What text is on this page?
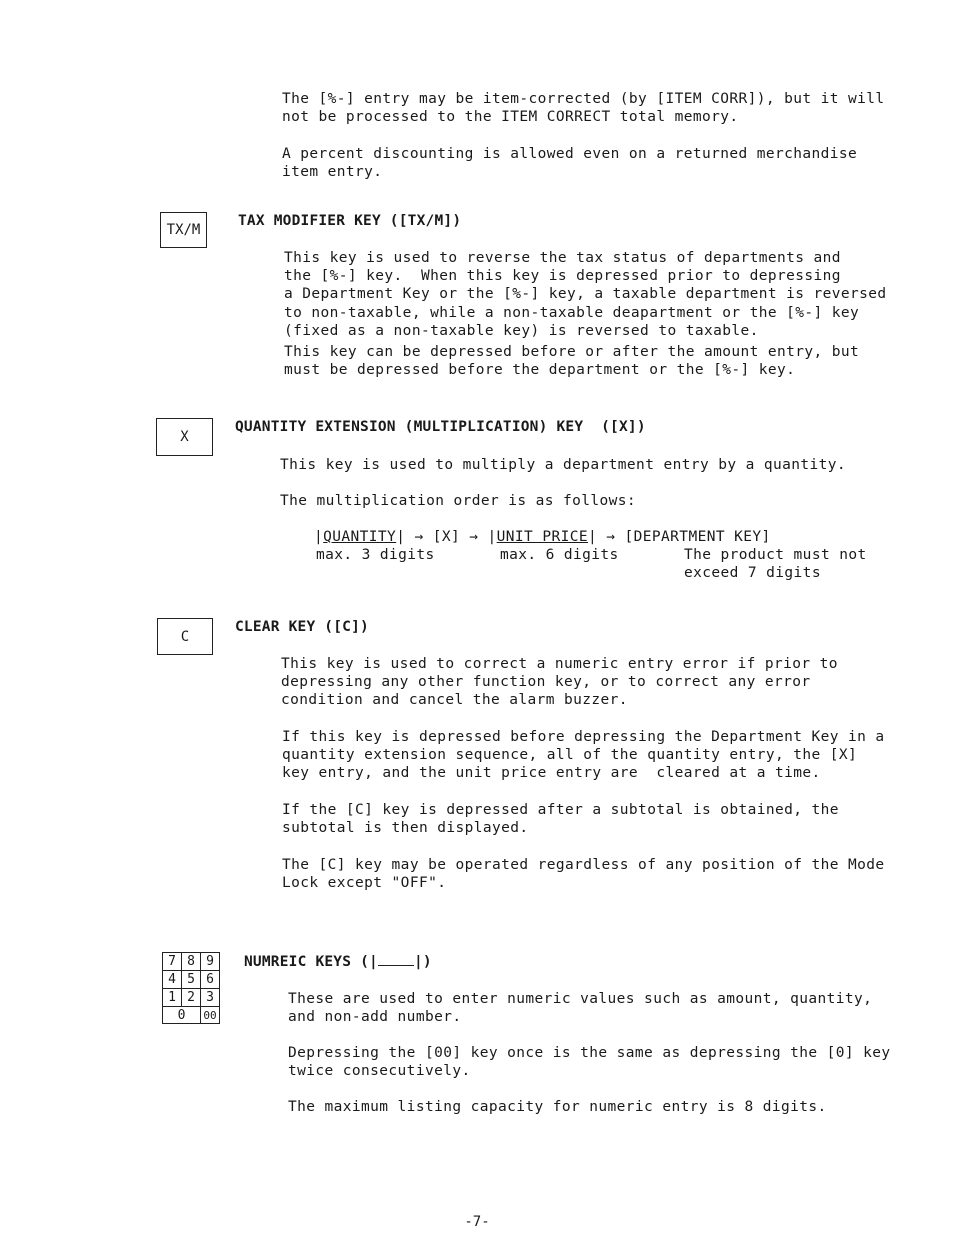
The [%-] entry may be item-corrected (by [ITEM CORR]), but it will
not be processed to the ITEM CORRECT total memory.
A percent discounting is allowed even on a returned merchandise
item entry.
TX/M
TAX MODIFIER KEY ([TX/M])
This key is used to reverse the tax status of departments and
the [%-] key.  When this key is depressed prior to depressing
a Department Key or the [%-] key, a taxable department is reversed
to non-taxable, while a non-taxable deapartment or the [%-] key
(fixed as a non-taxable key) is reversed to taxable.
This key can be depressed before or after the amount entry, but
must be depressed before the department or the [%-] key.
X
QUANTITY EXTENSION (MULTIPLICATION) KEY  ([X])
This key is used to multiply a department entry by a quantity.
The multiplication order is as follows:
|QUANTITY| → [X] → |UNIT PRICE| → [DEPARTMENT KEY]
max. 3 digits	max. 6 digits	The product must not
exceed 7 digits
C
CLEAR KEY ([C])
This key is used to correct a numeric entry error if prior to
depressing any other function key, or to correct any error
condition and cancel the alarm buzzer.
If this key is depressed before depressing the Department Key in a
quantity extension sequence, all of the quantity entry, the [X]
key entry, and the unit price entry are  cleared at a time.
If the [C] key is depressed after a subtotal is obtained, the
subtotal is then displayed.
The [C] key may be operated regardless of any position of the Mode
Lock except "OFF".
7 8 9
4 5 6
1 2 3
0	00
NUMREIC KEYS (| |)
These are used to enter numeric values such as amount, quantity,
and non-add number.
Depressing the [00] key once is the same as depressing the [0] key
twice consecutively.
The maximum listing capacity for numeric entry is 8 digits.
-7-
